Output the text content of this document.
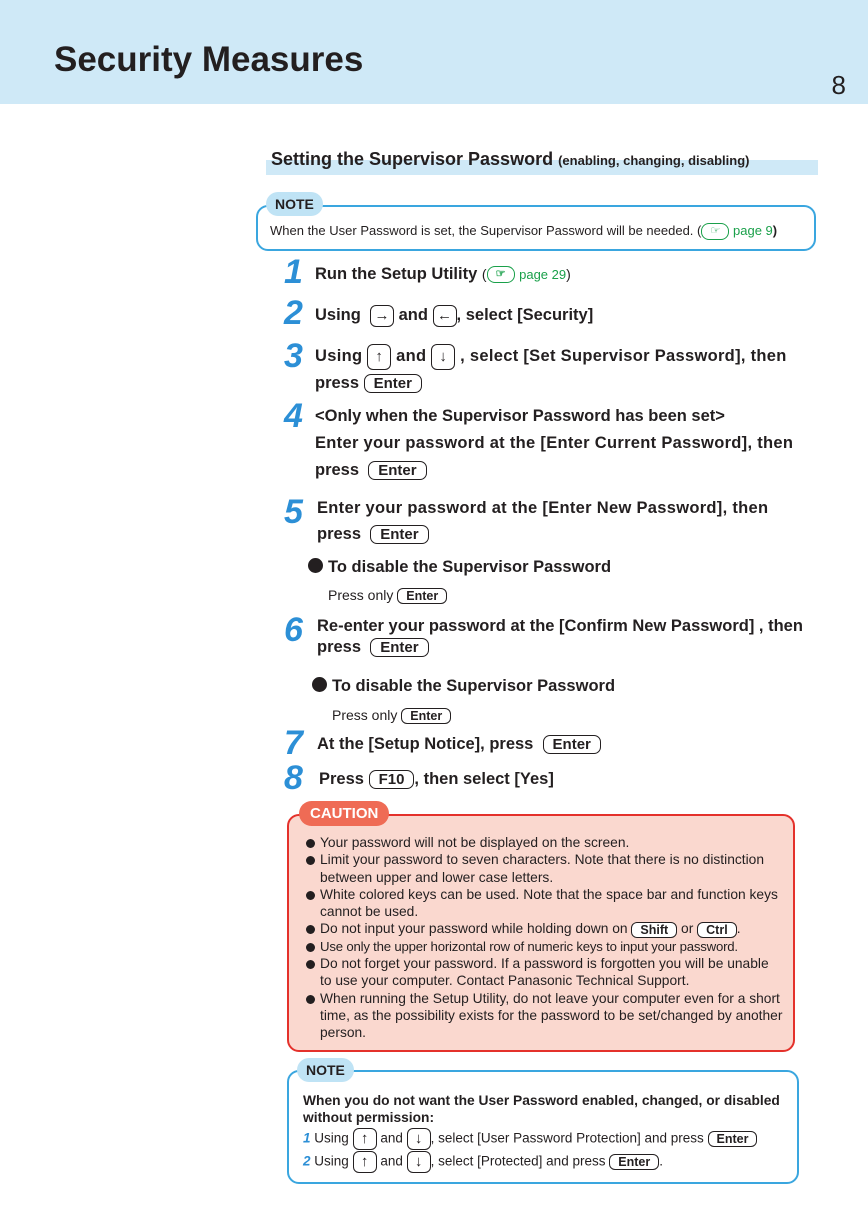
Security Measures
8
Setting the Supervisor Password (enabling, changing, disabling)
When the User Password is set, the Supervisor Password will be needed. ( ☞ page 9)
NOTE
1 Run the Setup Utility ( ☞ page 29)
2 Using → and ← , select [Security]
3 Using ↑ and ↓ , select [Set Supervisor Password], then
press Enter
4 <Only when the Supervisor Password has been set>
Enter your password at the [Enter Current Password], then
press Enter
5 Enter your password at the [Enter New Password], then
press Enter
To disable the Supervisor Password
Press only Enter
6 Re-enter your password at the [Confirm New Password] , then
press Enter
To disable the Supervisor Password
Press only Enter
7 At the [Setup Notice], press Enter
8 Press F10 , then select [Yes]
CAUTION
Your password will not be displayed on the screen.
Limit your password to seven characters. Note that there is no distinction between upper and lower case letters.
White colored keys can be used. Note that the space bar and function keys cannot be used.
Do not input your password while holding down on Shift or Ctrl .
Use only the upper horizontal row of numeric keys to input your password.
Do not forget your password. If a password is forgotten you will be unable to use your computer. Contact Panasonic Technical Support.
When running the Setup Utility, do not leave your computer even for a short time, as the possibility exists for the password to be set/changed by another person.
NOTE
When you do not want the User Password enabled, changed, or disabled without permission:
1 Using ↑ and ↓ , select [User Password Protection] and press Enter
2 Using ↑ and ↓ , select [Protected] and press Enter .
